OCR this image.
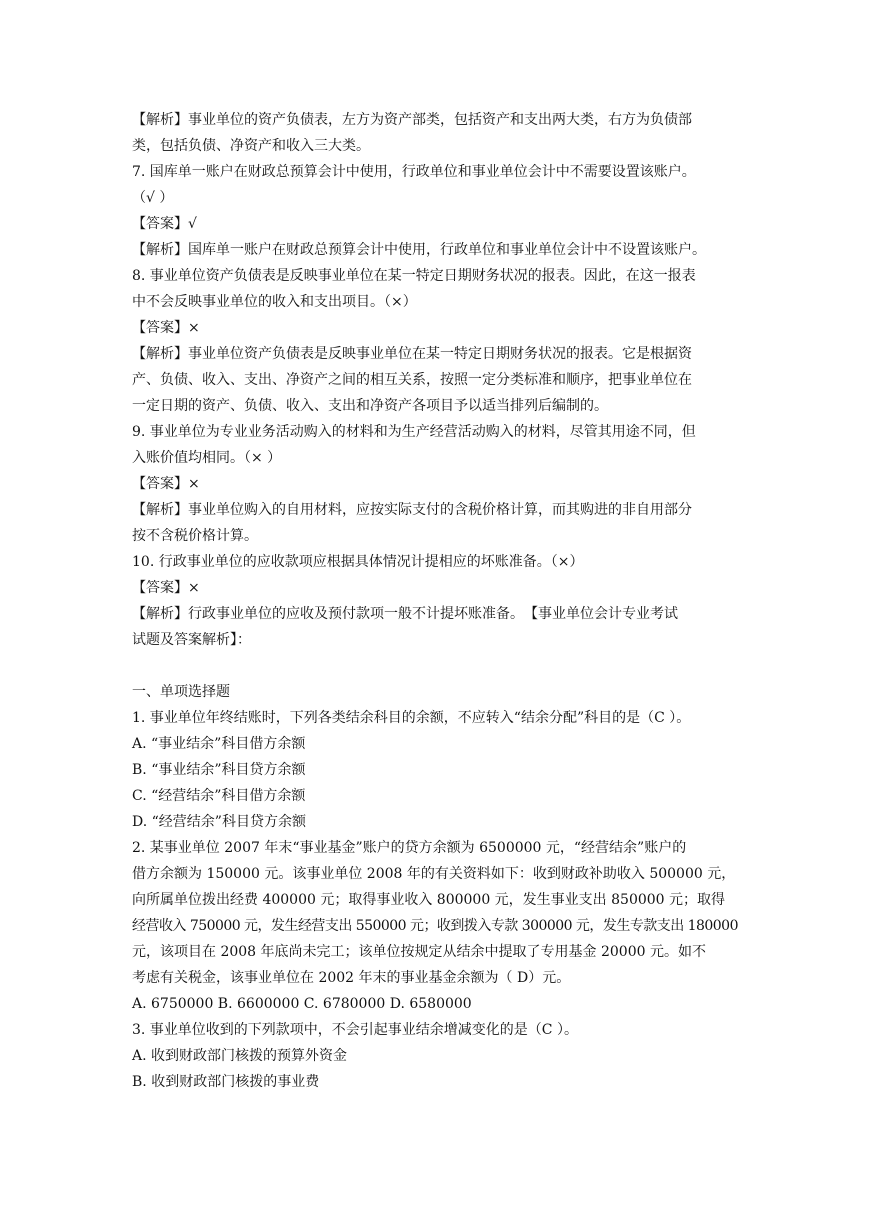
【解析】事业单位的资产负债表，左方为资产部类，包括资产和支出两大类，右方为负债部
类，包括负债、净资产和收入三大类。
7. 国库单一账户在财政总预算会计中使用，行政单位和事业单位会计中不需要设置该账户。
（√ ）
【答案】√
【解析】国库单一账户在财政总预算会计中使用，行政单位和事业单位会计中不设置该账户。
8. 事业单位资产负债表是反映事业单位在某一特定日期财务状况的报表。因此，在这一报表
中不会反映事业单位的收入和支出项目。（×）
【答案】×
【解析】事业单位资产负债表是反映事业单位在某一特定日期财务状况的报表。它是根据资
产、负债、收入、支出、净资产之间的相互关系，按照一定分类标准和顺序，把事业单位在
一定日期的资产、负债、收入、支出和净资产各项目予以适当排列后编制的。
9. 事业单位为专业业务活动购入的材料和为生产经营活动购入的材料，尽管其用途不同，但
入账价值均相同。（× ）
【答案】×
【解析】事业单位购入的自用材料，应按实际支付的含税价格计算，而其购进的非自用部分
按不含税价格计算。
10. 行政事业单位的应收款项应根据具体情况计提相应的坏账准备。（×）
【答案】×
【解析】行政事业单位的应收及预付款项一般不计提坏账准备。　【事业单位会计专业考试
试题及答案解析】：
一、单项选择题
1. 事业单位年终结账时，下列各类结余科目的余额，不应转入“结余分配”科目的是（C ）。
A. “事业结余”科目借方余额
B. “事业结余”科目贷方余额
C. “经营结余”科目借方余额
D. “经营结余”科目贷方余额
2. 某事业单位 2007 年末“事业基金”账户的贷方余额为 6500000 元，“经营结余”账户的
借方余额为 150000 元。该事业单位 2008 年的有关资料如下：收到财政补助收入 500000 元，
向所属单位拨出经费 400000 元；取得事业收入 800000 元，发生事业支出 850000 元；取得
经营收入 750000 元，发生经营支出 550000 元；收到拨入专款 300000 元，发生专款支出 180000
元，该项目在 2008 年底尚未完工；该单位按规定从结余中提取了专用基金 20000 元。如不
考虑有关税金，该事业单位在 2002 年末的事业基金余额为（ D）元。
A. 6750000 B. 6600000 C. 6780000 D. 6580000
3. 事业单位收到的下列款项中，不会引起事业结余增减变化的是（C ）。
A. 收到财政部门核拨的预算外资金
B. 收到财政部门核拨的事业费
